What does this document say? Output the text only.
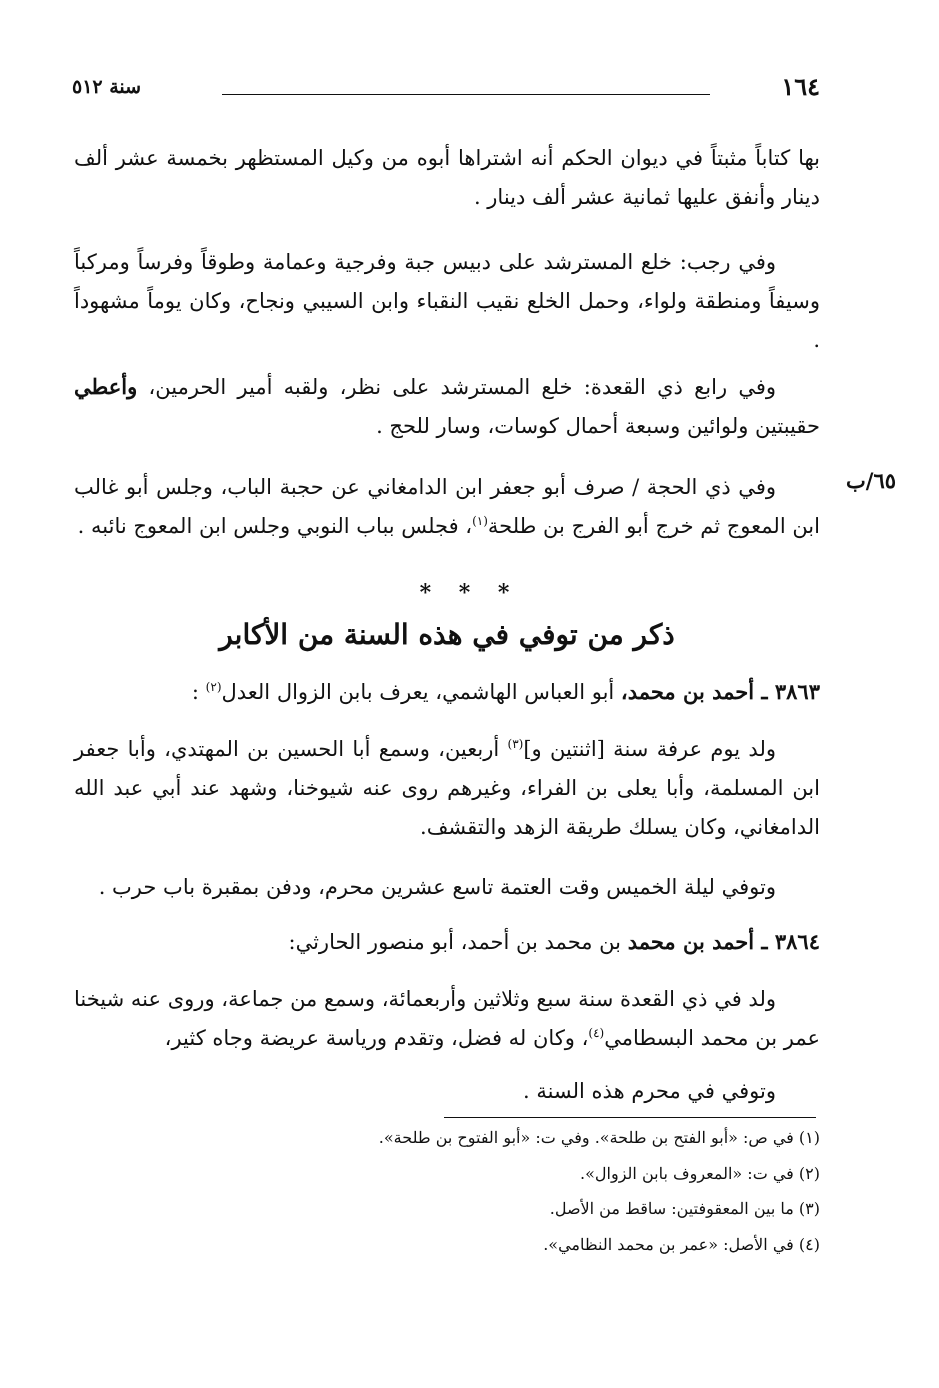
سنة ٥١٢	١٦٤

بها كتاباً مثبتاً في ديوان الحكم أنه اشتراها أبوه من وكيل المستظهر بخمسة عشر ألف دينار وأنفق عليها ثمانية عشر ألف دينار .

وفي رجب: خلع المسترشد على دبيس جبة وفرجية وعمامة وطوقاً وفرساً ومركباً وسيفاً ومنطقة ولواء، وحمل الخلع نقيب النقباء وابن السيبي ونجاح، وكان يوماً مشهوداً .

وفي رابع ذي القعدة: خلع المسترشد على نظر، ولقبه أمير الحرمين، وأعطي حقيبتين ولوائين وسبعة أحمال كوسات، وسار للحج .

٦٥/ب

وفي ذي الحجة / صرف أبو جعفر ابن الدامغاني عن حجبة الباب، وجلس أبو غالب ابن المعوج ثم خرج أبو الفرج بن طلحة$^{(١)}$، فجلس بباب النوبي وجلس ابن المعوج نائبه .

* * *
ذكر من توفي في هذه السنة من الأكابر

٣٨٦٣ ـ أحمد بن محمد، أبو العباس الهاشمي، يعرف بابن الزوال العدل$^{(٢)}$ :

ولد يوم عرفة سنة [اثنتين و]$^{(٣)}$ أربعين، وسمع أبا الحسين بن المهتدي، وأبا جعفر ابن المسلمة، وأبا يعلى بن الفراء، وغيرهم روى عنه شيوخنا، وشهد عند أبي عبد الله الدامغاني، وكان يسلك طريقة الزهد والتقشف.

وتوفي ليلة الخميس وقت العتمة تاسع عشرين محرم، ودفن بمقبرة باب حرب .

٣٨٦٤ ـ أحمد بن محمد بن محمد بن أحمد، أبو منصور الحارثي:

ولد في ذي القعدة سنة سبع وثلاثين وأربعمائة، وسمع من جماعة، وروى عنه شيخنا عمر بن محمد البسطامي$^{(٤)}$، وكان له فضل، وتقدم ورياسة عريضة وجاه كثير،

وتوفي في محرم هذه السنة .

(١) في ص: «أبو الفتح بن طلحة». وفي ت: «أبو الفتوح بن طلحة».
(٢) في ت: «المعروف بابن الزوال».
(٣) ما بين المعقوفتين: ساقط من الأصل.
(٤) في الأصل: «عمر بن محمد النظامي».
